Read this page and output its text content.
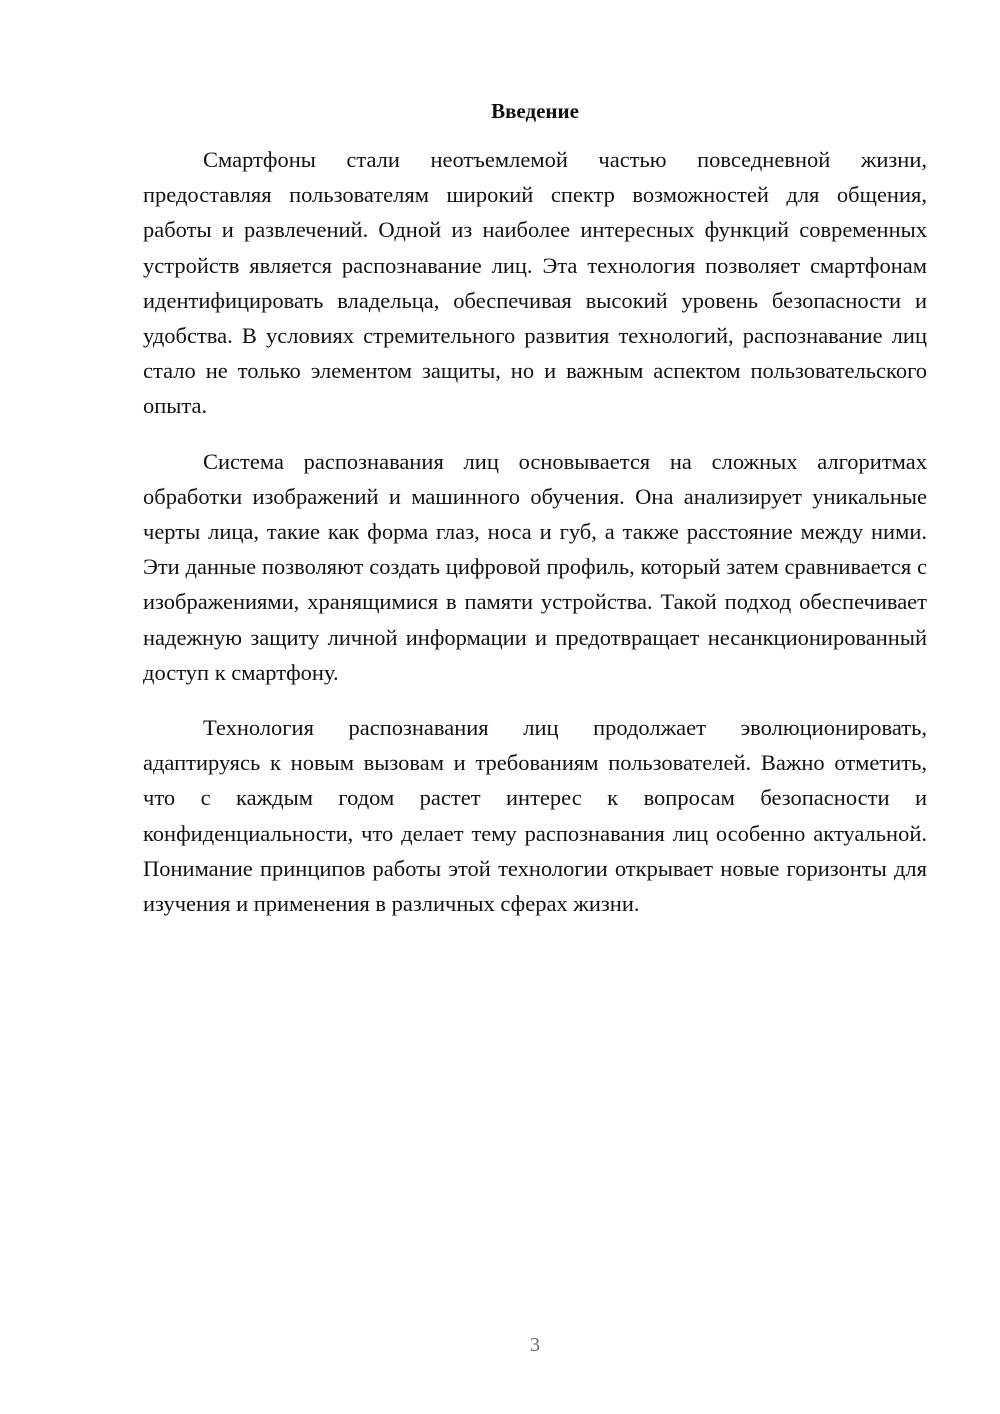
Введение

Смартфоны стали неотъемлемой частью повседневной жизни, предоставляя пользователям широкий спектр возможностей для общения, работы и развлечений. Одной из наиболее интересных функций современных устройств является распознавание лиц. Эта технология позволяет смартфонам идентифицировать владельца, обеспечивая высокий уровень безопасности и удобства. В условиях стремительного развития технологий, распознавание лиц стало не только элементом защиты, но и важным аспектом пользовательского опыта.

Система распознавания лиц основывается на сложных алгоритмах обработки изображений и машинного обучения. Она анализирует уникальные черты лица, такие как форма глаз, носа и губ, а также расстояние между ними. Эти данные позволяют создать цифровой профиль, который затем сравнивается с изображениями, хранящимися в памяти устройства. Такой подход обеспечивает надежную защиту личной информации и предотвращает несанкционированный доступ к смартфону.

Технология распознавания лиц продолжает эволюционировать, адаптируясь к новым вызовам и требованиям пользователей. Важно отметить, что с каждым годом растет интерес к вопросам безопасности и конфиденциальности, что делает тему распознавания лиц особенно актуальной. Понимание принципов работы этой технологии открывает новые горизонты для изучения и применения в различных сферах жизни.

3
